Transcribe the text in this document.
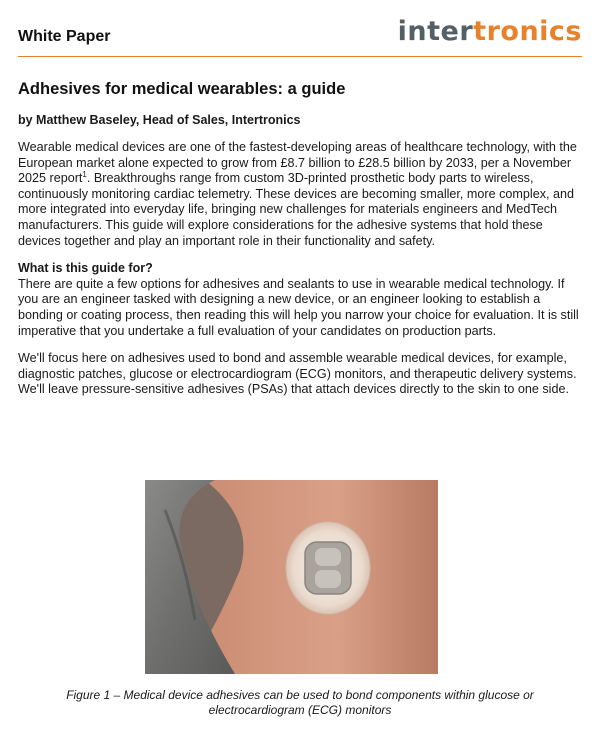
White Paper	intertronics
Adhesives for medical wearables: a guide
by Matthew Baseley, Head of Sales, Intertronics

Wearable medical devices are one of the fastest-developing areas of healthcare technology, with the European market alone expected to grow from £8.7 billion to £28.5 billion by 2033, per a November 2025 report$^1$. Breakthroughs range from custom 3D-printed prosthetic body parts to wireless, continuously monitoring cardiac telemetry. These devices are becoming smaller, more complex, and more integrated into everyday life, bringing new challenges for materials engineers and MedTech manufacturers. This guide will explore considerations for the adhesive systems that hold these devices together and play an important role in their functionality and safety.

What is this guide for?

There are quite a few options for adhesives and sealants to use in wearable medical technology. If you are an engineer tasked with designing a new device, or an engineer looking to establish a bonding or coating process, then reading this will help you narrow your choice for evaluation. It is still imperative that you undertake a full evaluation of your candidates on production parts.

We'll focus here on adhesives used to bond and assemble wearable medical devices, for example, diagnostic patches, glucose or electrocardiogram (ECG) monitors, and therapeutic delivery systems. We'll leave pressure-sensitive adhesives (PSAs) that attach devices directly to the skin to one side.

Figure 1 – Medical device adhesives can be used to bond components within glucose or electrocardiogram (ECG) monitors
